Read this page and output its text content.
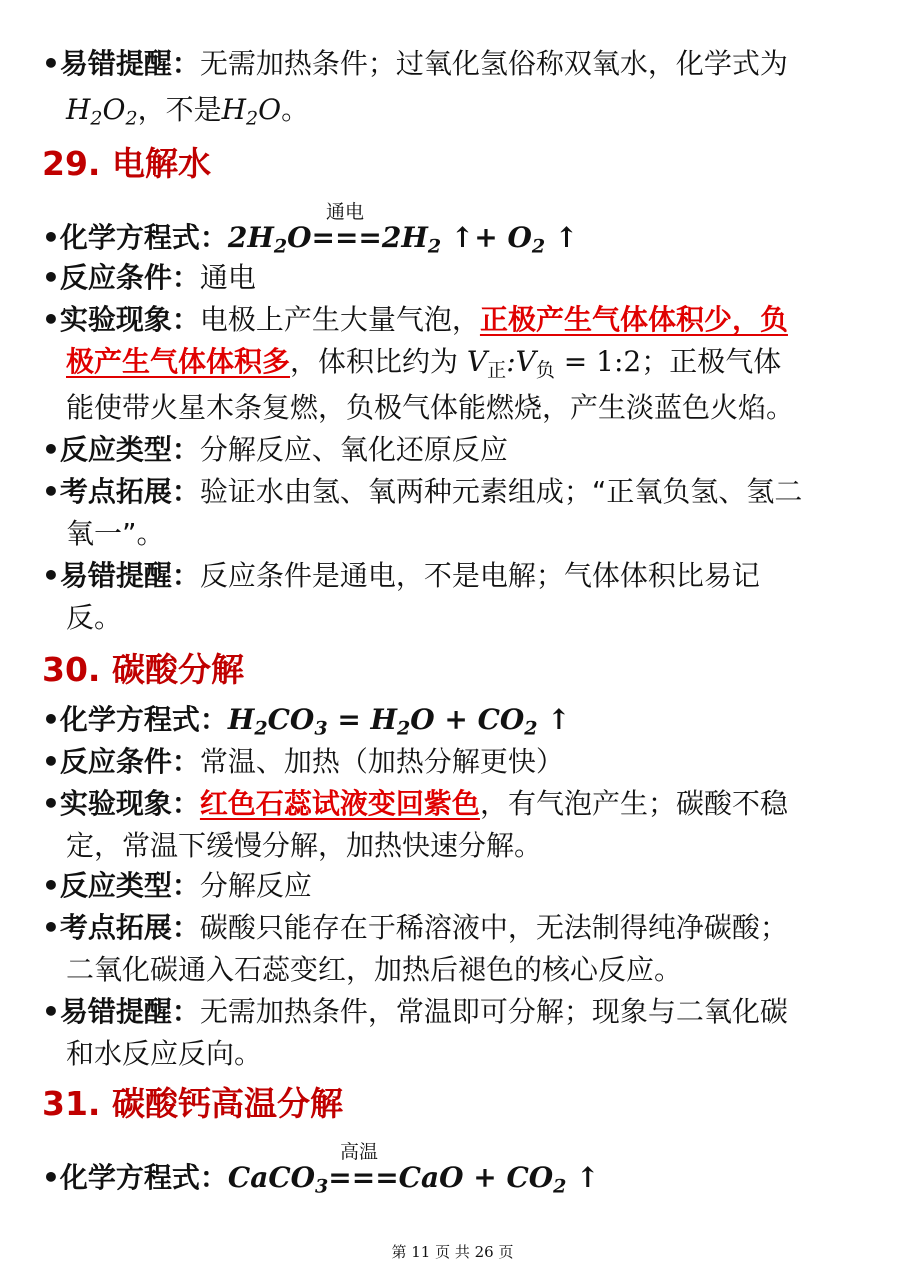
•易错提醒：无需加热条件；过氧化氢俗称双氧水，化学式为
$H_2O_2$，不是$H_2O$。
29. 电解水
通电
•化学方程式：$2H_2O===2H_2$ ↑+ $O_2$ ↑
•反应条件：通电
•实验现象：电极上产生大量气泡，正极产生气体体积少，负
极产生气体体积多，体积比约为 $V_正:V_负$ = 1:2；正极气体
能使带火星木条复燃，负极气体能燃烧，产生淡蓝色火焰。
•反应类型：分解反应、氧化还原反应
•考点拓展：验证水由氢、氧两种元素组成；“正氧负氢、氢二
氧一”。
•易错提醒：反应条件是通电，不是电解；气体体积比易记
反。
30. 碳酸分解
•化学方程式：$H_2CO_3 = H_2O + CO_2$ ↑
•反应条件：常温、加热（加热分解更快）
•实验现象：红色石蕊试液变回紫色，有气泡产生；碳酸不稳
定，常温下缓慢分解，加热快速分解。
•反应类型：分解反应
•考点拓展：碳酸只能存在于稀溶液中，无法制得纯净碳酸；
二氧化碳通入石蕊变红，加热后褪色的核心反应。
•易错提醒：无需加热条件，常温即可分解；现象与二氧化碳
和水反应反向。
31. 碳酸钙高温分解
高温
•化学方程式：CaCO$_3$===CaO + $CO_2$ ↑
第 11 页 共 26 页
